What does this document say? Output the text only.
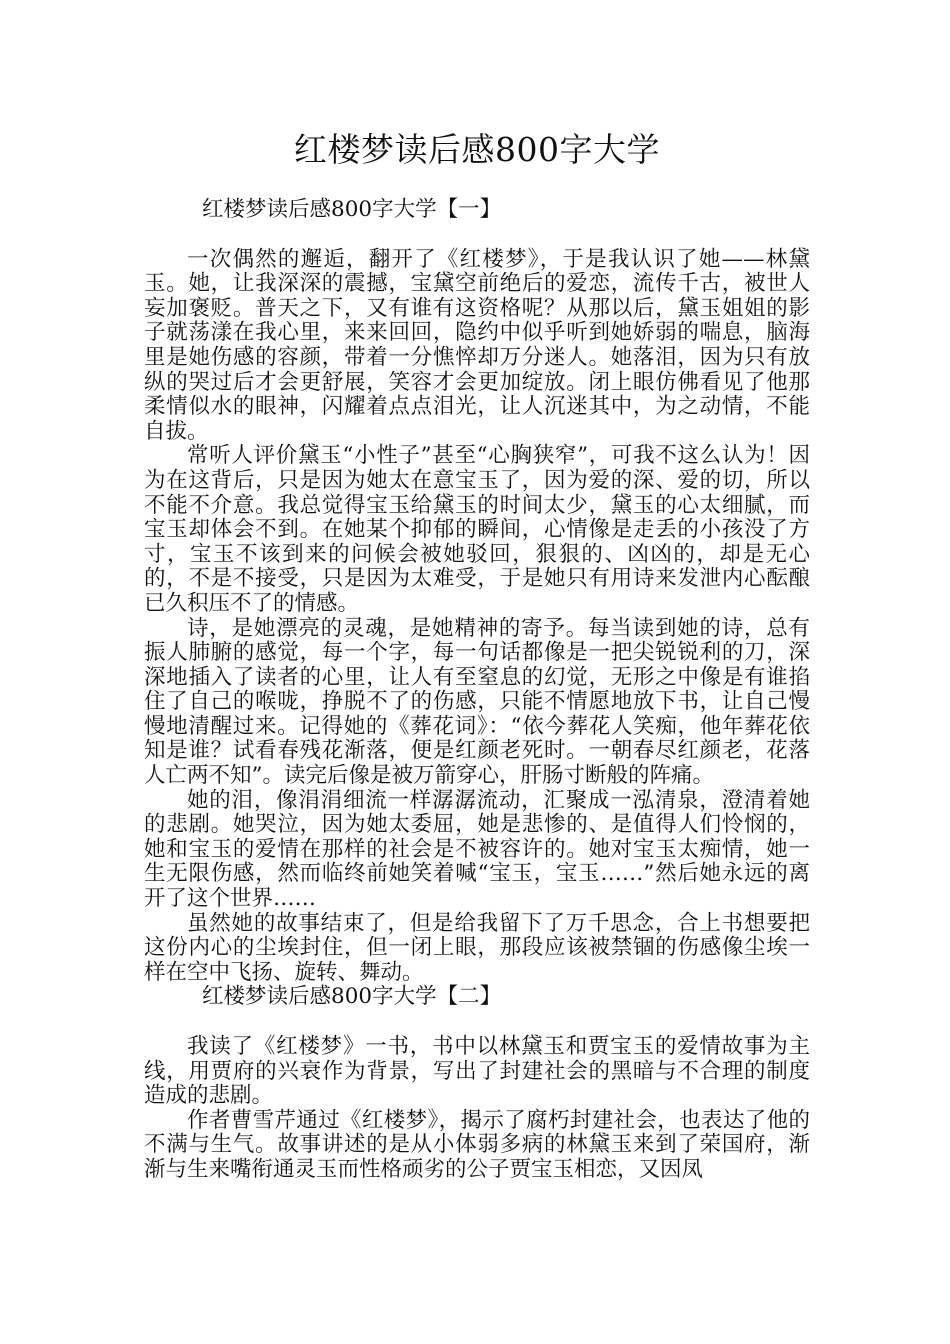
红楼梦读后感800字大学

红楼梦读后感800字大学【一】

一次偶然的邂逅，翻开了《红楼梦》，于是我认识了她——林黛玉。她，让我深深的震撼，宝黛空前绝后的爱恋，流传千古，被世人妄加褒贬。普天之下，又有谁有这资格呢？从那以后，黛玉姐姐的影子就荡漾在我心里，来来回回，隐约中似乎听到她娇弱的喘息，脑海里是她伤感的容颜，带着一分憔悴却万分迷人。她落泪，因为只有放纵的哭过后才会更舒展，笑容才会更加绽放。闭上眼仿佛看见了他那柔情似水的眼神，闪耀着点点泪光，让人沉迷其中，为之动情，不能自拔。

常听人评价黛玉“小性子”甚至“心胸狭窄”，可我不这么认为！因为在这背后，只是因为她太在意宝玉了，因为爱的深、爱的切，所以不能不介意。我总觉得宝玉给黛玉的时间太少，黛玉的心太细腻，而宝玉却体会不到。在她某个抑郁的瞬间，心情像是走丢的小孩没了方寸，宝玉不该到来的问候会被她驳回，狠狠的、凶凶的，却是无心的，不是不接受，只是因为太难受，于是她只有用诗来发泄内心酝酿已久积压不了的情感。

诗，是她漂亮的灵魂，是她精神的寄予。每当读到她的诗，总有振人肺腑的感觉，每一个字，每一句话都像是一把尖锐锐利的刀，深深地插入了读者的心里，让人有至窒息的幻觉，无形之中像是有谁掐住了自己的喉咙，挣脱不了的伤感，只能不情愿地放下书，让自己慢慢地清醒过来。记得她的《葬花词》：“依今葬花人笑痴，他年葬花依知是谁？试看春残花渐落，便是红颜老死时。一朝春尽红颜老，花落人亡两不知”。读完后像是被万箭穿心，肝肠寸断般的阵痛。

她的泪，像涓涓细流一样潺潺流动，汇聚成一泓清泉，澄清着她的悲剧。她哭泣，因为她太委屈，她是悲惨的、是值得人们怜悯的，她和宝玉的爱情在那样的社会是不被容许的。她对宝玉太痴情，她一生无限伤感，然而临终前她笑着喊“宝玉，宝玉……”然后她永远的离开了这个世界……

虽然她的故事结束了，但是给我留下了万千思念，合上书想要把这份内心的尘埃封住，但一闭上眼，那段应该被禁锢的伤感像尘埃一样在空中飞扬、旋转、舞动。

红楼梦读后感800字大学【二】

我读了《红楼梦》一书，书中以林黛玉和贾宝玉的爱情故事为主线，用贾府的兴衰作为背景，写出了封建社会的黑暗与不合理的制度造成的悲剧。

作者曹雪芹通过《红楼梦》，揭示了腐朽封建社会，也表达了他的不满与生气。故事讲述的是从小体弱多病的林黛玉来到了荣国府，渐渐与生来嘴衔通灵玉而性格顽劣的公子贾宝玉相恋，又因凤
